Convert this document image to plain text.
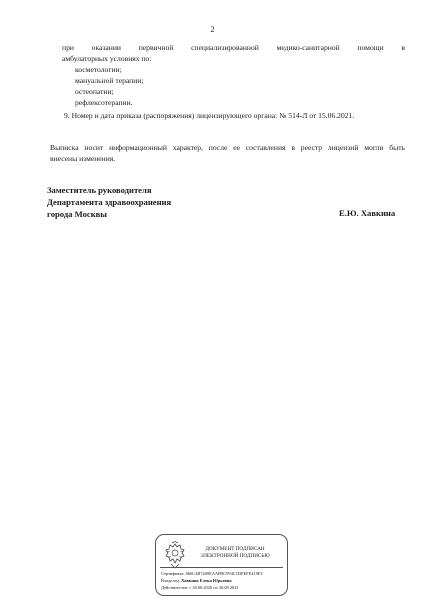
2
при оказании первичной специализированной медико-санитарной помощи в
амбулаторных условиях по:
косметологии;
мануальной терапии;
остеопатии;
рефлексотерапии.
9. Номер и дата приказа (распоряжения) лицензирующего органа: № 514-Л от 15.06.2021.
Выписка носит информационный характер, после ее составления в реестр лицензий могли быть
внесены изменения.
Заместитель руководителя
Департамента здравоохранения
города Москвы	Е.Ю. Хавкина
ДОКУМЕНТ ПОДПИСАН
ЭЛЕКТРОННОЙ ПОДПИСЬЮ
Сертификат: 066C4B7400EAAB9C994C1DFEFE419F2
Владелец: Хавкина Елена Юрьевна
Действителен: с 30.06.2020 по 30.09.2021
